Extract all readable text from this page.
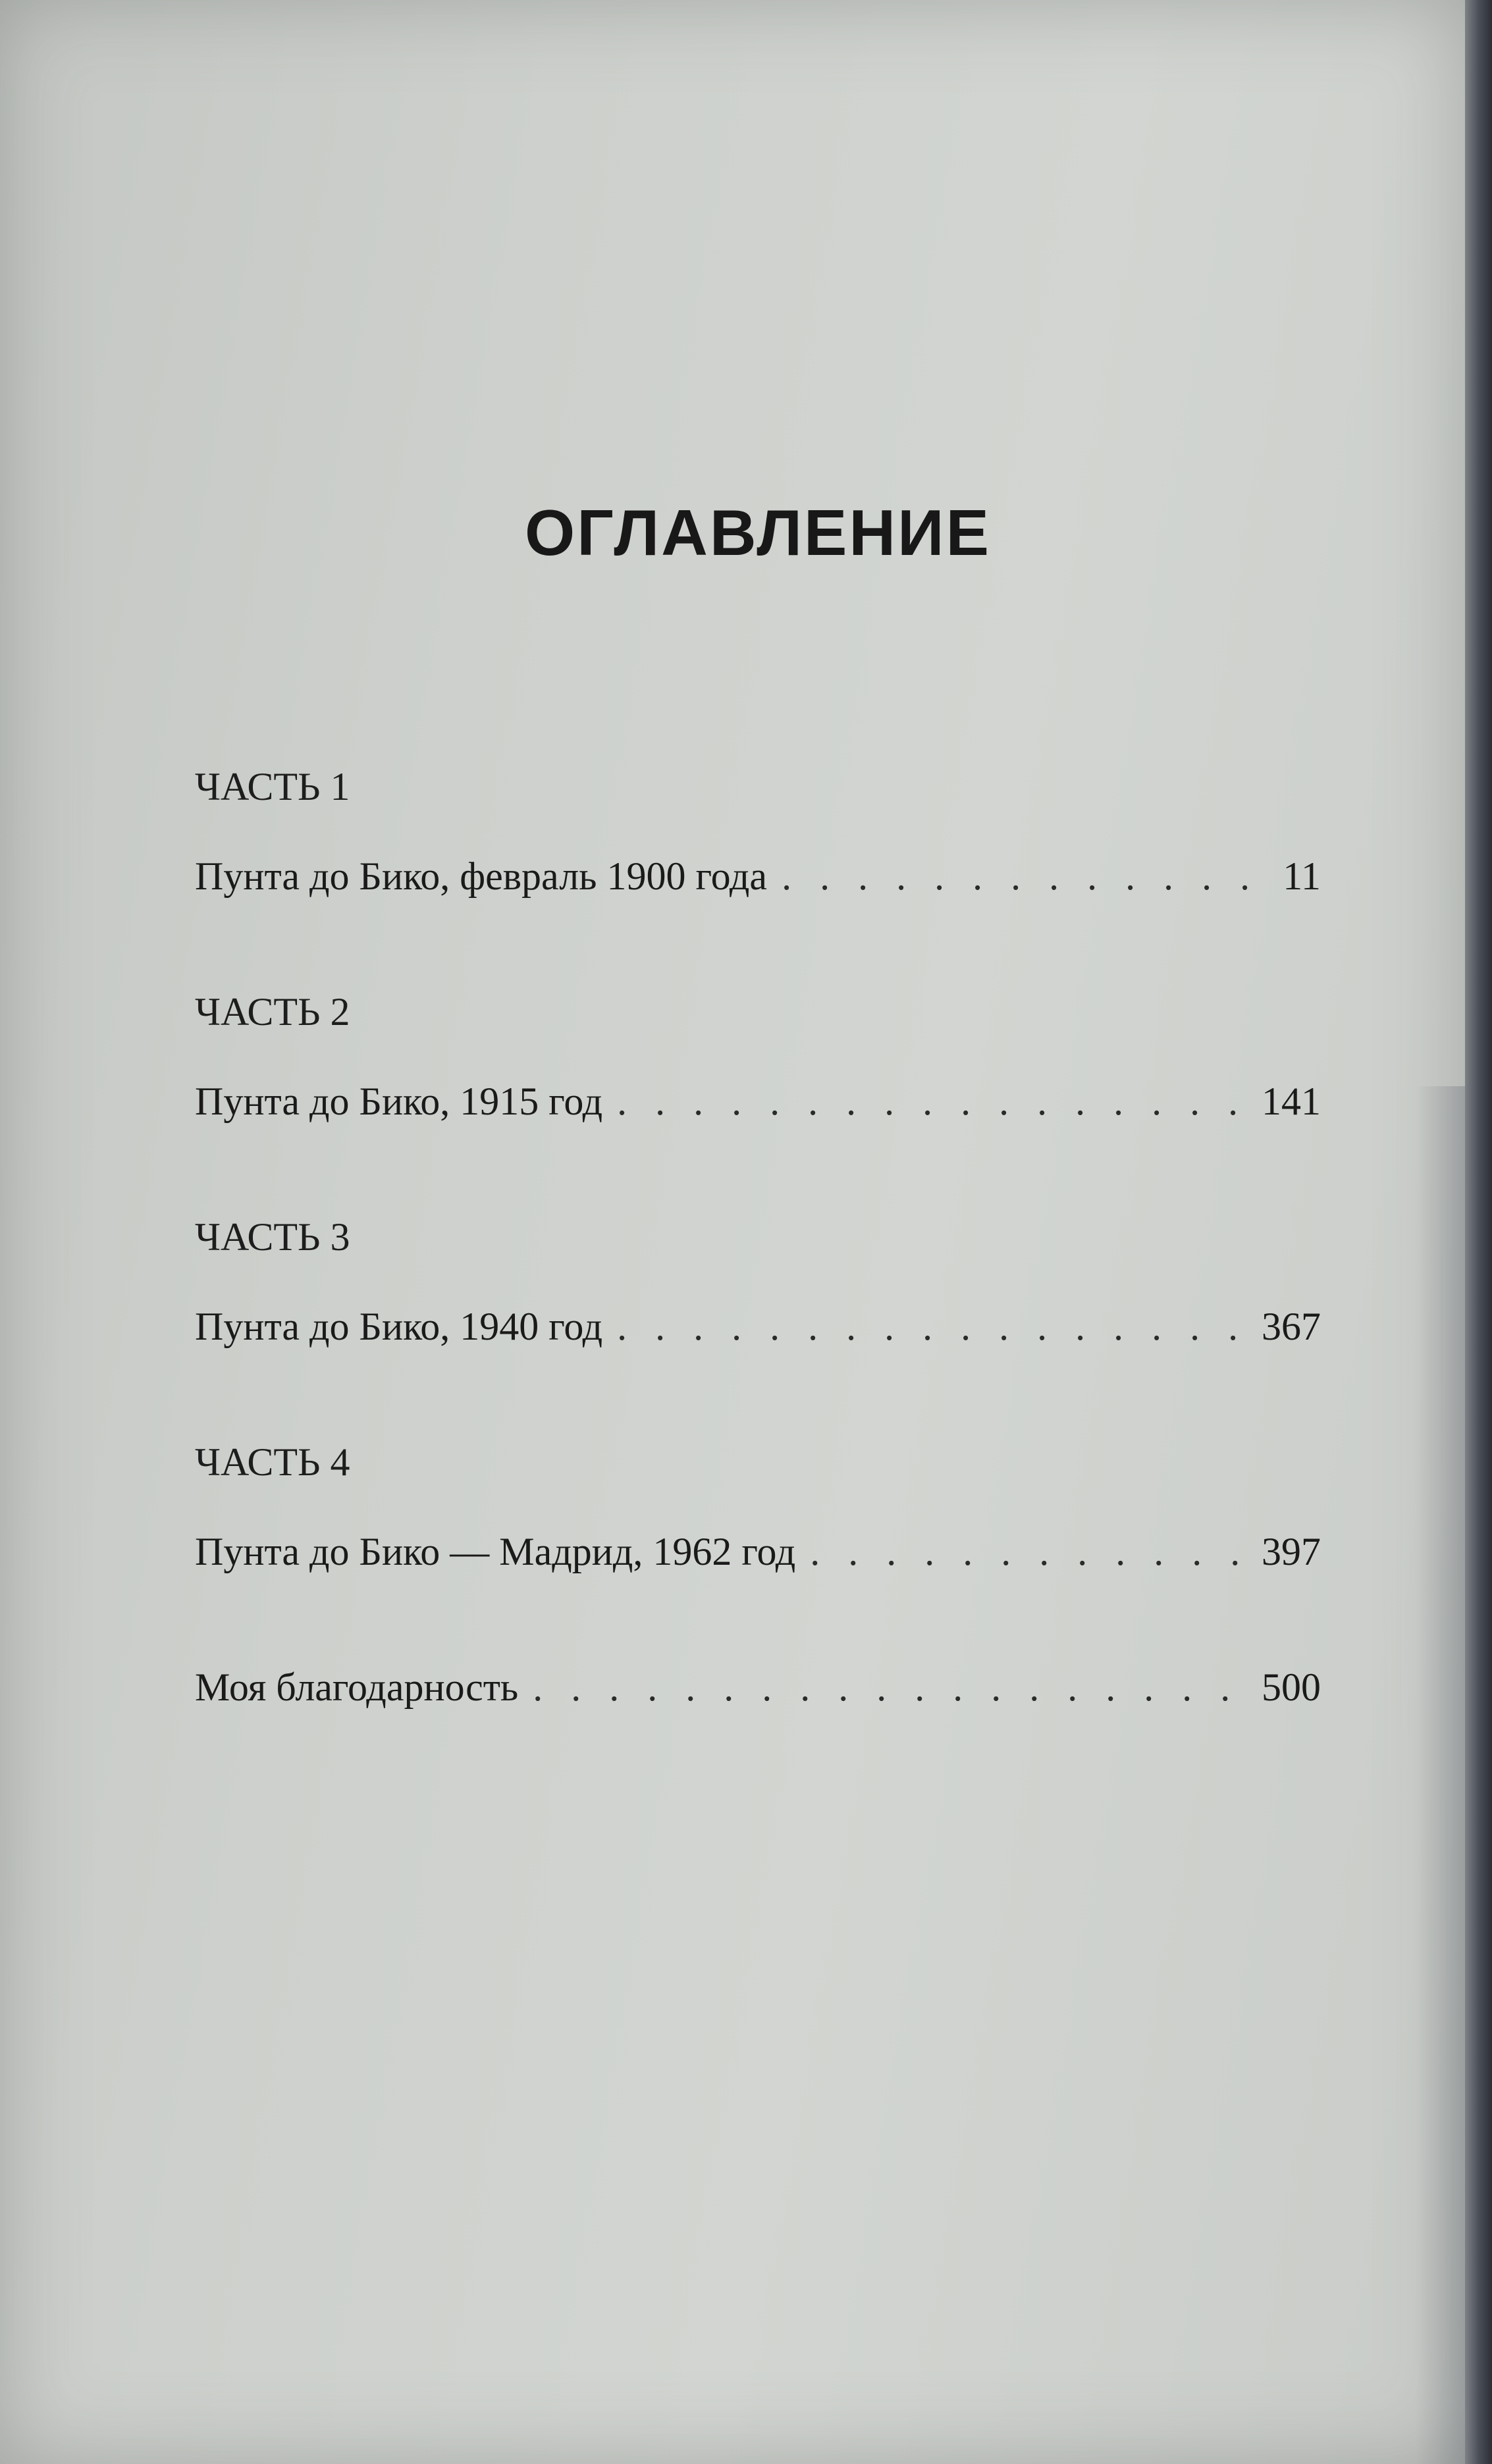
ОГЛАВЛЕНИЕ
ЧАСТЬ 1
Пунта до Бико, февраль 1900 года . . .	11
ЧАСТЬ 2
Пунта до Бико, 1915 год . . .	141
ЧАСТЬ 3
Пунта до Бико, 1940 год . . .	367
ЧАСТЬ 4
Пунта до Бико — Мадрид, 1962 год . . .	397
Моя благодарность . . .	500
